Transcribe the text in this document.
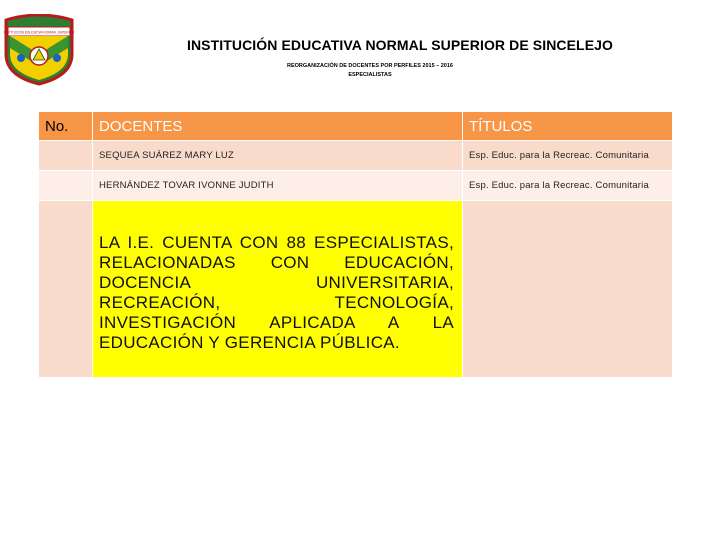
INSTITUCIÓN EDUCATIVA NORMAL SUPERIOR
INSTITUCIÓN EDUCATIVA NORMAL SUPERIOR DE SINCELEJO
REORGANIZACIÓN DE DOCENTES POR PERFILES 2015 – 2016
ESPECIALISTAS
No.	DOCENTES	TÍTULOS

	SEQUEA SUÁREZ MARY LUZ	Esp. Educ. para la Recreac. Comunitaria

	HERNÁNDEZ TOVAR IVONNE JUDITH	Esp. Educ. para la Recreac. Comunitaria

	LA I.E. CUENTA CON 88 ESPECIALISTAS, RELACIONADAS CON EDUCACIÓN, DOCENCIA UNIVERSITARIA, RECREACIÓN, TECNOLOGÍA, INVESTIGACIÓN APLICADA A LA EDUCACIÓN Y GERENCIA PÚBLICA.	
